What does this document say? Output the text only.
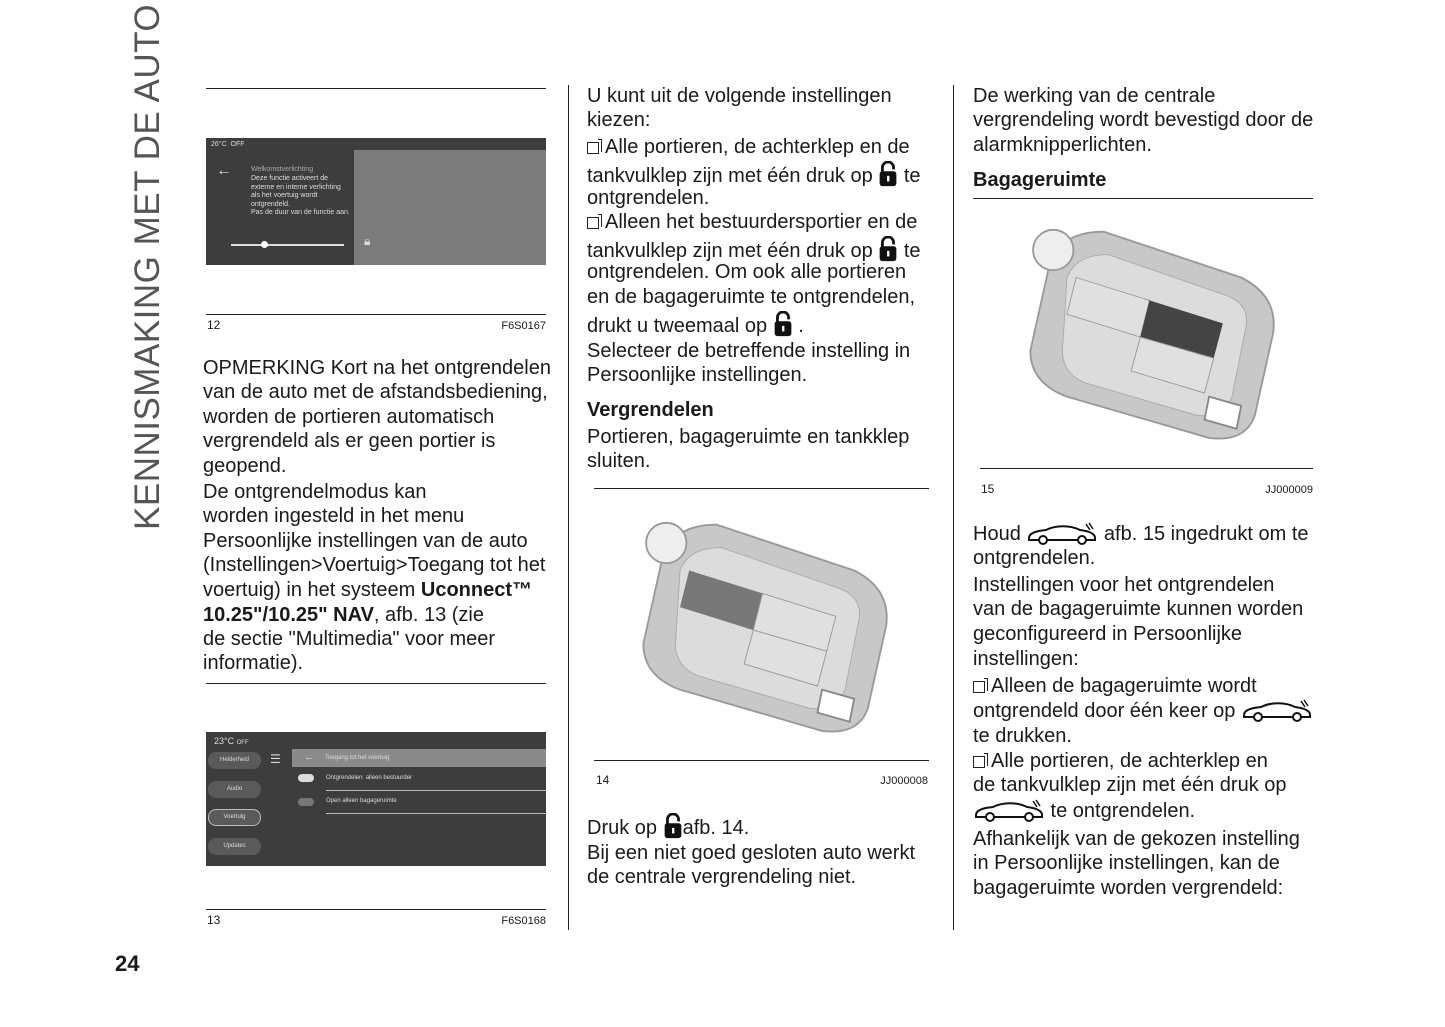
KENNISMAKING MET DE AUTO
24
26°C OFF
←	Welkomstverlichting
Deze functie activeert de
externe en interne verlichting
als het voertuig wordt
ontgrendeld.
Pas de duur van de functie aan.
🔒︎
12	F6S0167
OPMERKING Kort na het ontgrendelen
van de auto met de afstandsbediening,
worden de portieren automatisch
vergrendeld als er geen portier is
geopend.
De ontgrendelmodus kan
worden ingesteld in het menu
Persoonlijke instellingen van de auto
(Instellingen>Voertuig>Toegang tot het
voertuig) in het systeem Uconnect™
10.25"/10.25" NAV, afb. 13 (zie
de sectie "Multimedia" voor meer
informatie).
23°C OFF
Helderheid
Audio
Voertuig
Updates
☰ ← Toegang tot het voertuig
Ontgrendelen: alleen bestuurder
Open alleen bagageruimte
13	F6S0168
U kunt uit de volgende instellingen
kiezen:
Alle portieren, de achterklep en de
tankvulklep zijn met één druk op  te
ontgrendelen.
Alleen het bestuurdersportier en de
tankvulklep zijn met één druk op  te
ontgrendelen. Om ook alle portieren
en de bagageruimte te ontgrendelen,
drukt u tweemaal op  .
Selecteer de betreffende instelling in
Persoonlijke instellingen.
Vergrendelen
Portieren, bagageruimte en tankklep
sluiten.
14	JJ000008
Druk op afb. 14.
Bij een niet goed gesloten auto werkt
de centrale vergrendeling niet.
De werking van de centrale
vergrendeling wordt bevestigd door de
alarmknipperlichten.
Bagageruimte
15	JJ000009
Houd	afb. 15 ingedrukt om te
ontgrendelen.
Instellingen voor het ontgrendelen
van de bagageruimte kunnen worden
geconfigureerd in Persoonlijke
instellingen:
Alleen de bagageruimte wordt
ontgrendeld door één keer op
te drukken.
Alle portieren, de achterklep en
de tankvulklep zijn met één druk op
te ontgrendelen.
Afhankelijk van de gekozen instelling
in Persoonlijke instellingen, kan de
bagageruimte worden vergrendeld:
